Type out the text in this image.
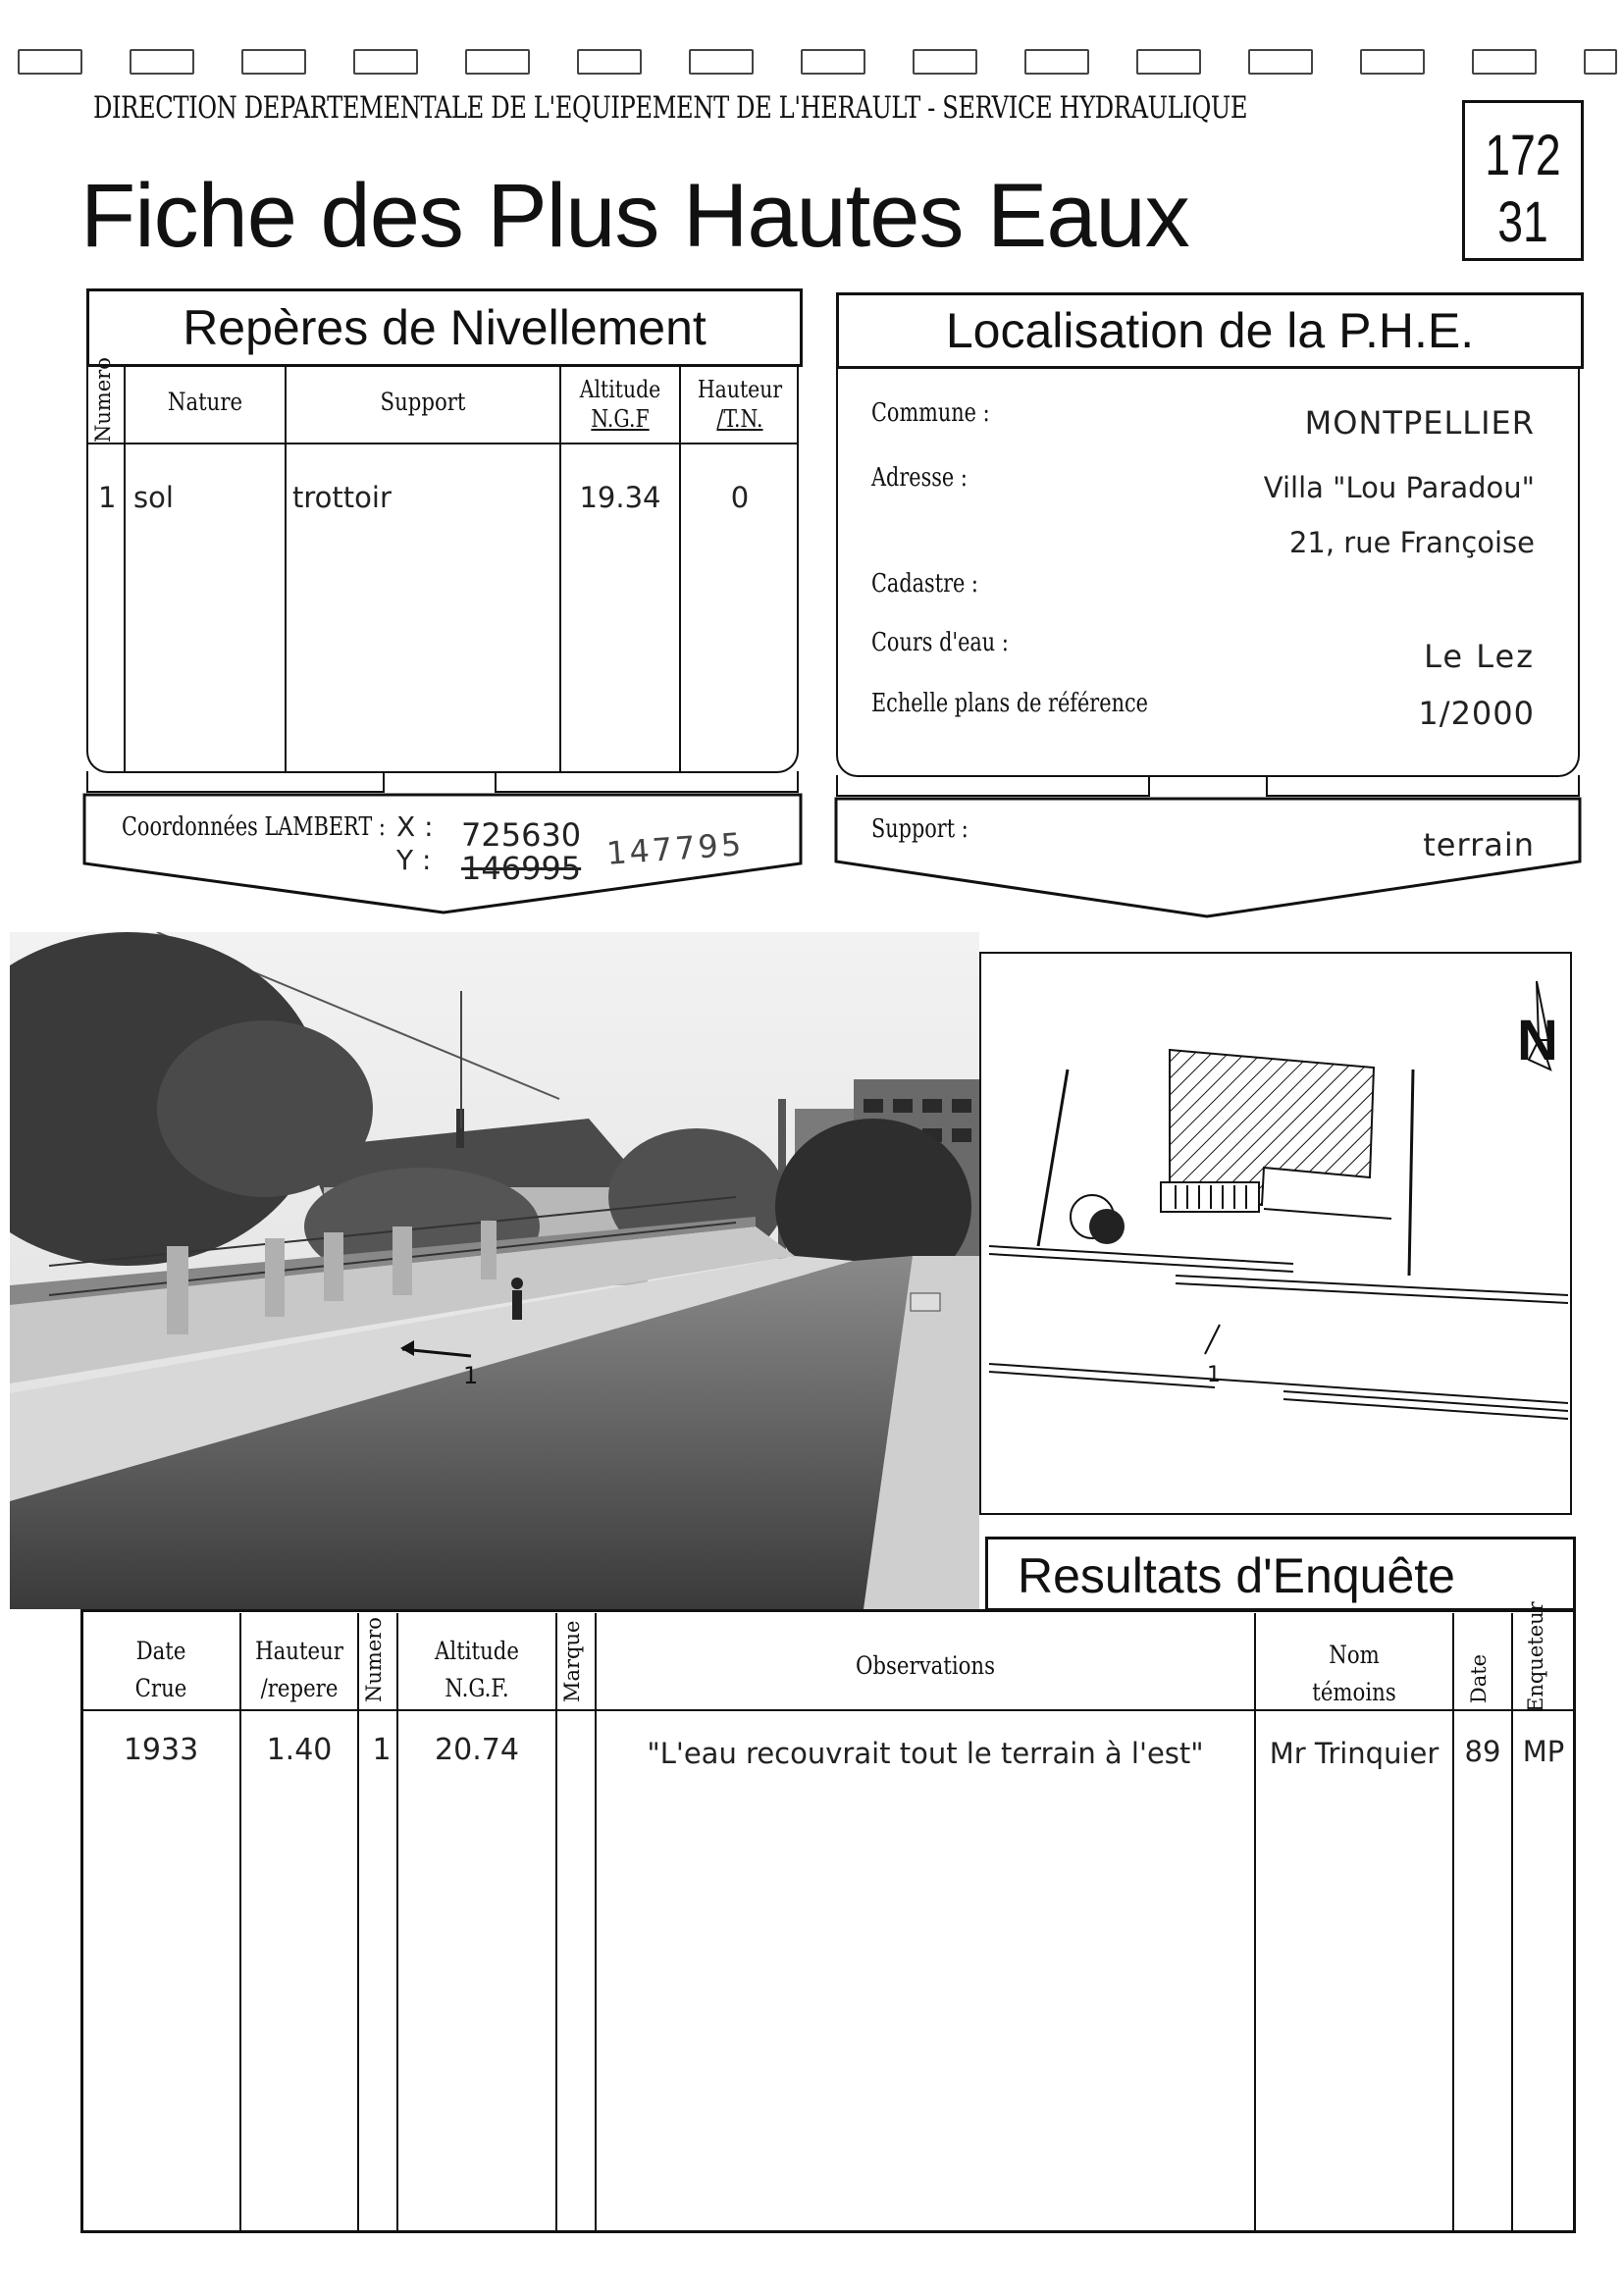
DIRECTION DEPARTEMENTALE DE L'EQUIPEMENT DE L'HERAULT - SERVICE HYDRAULIQUE
Fiche des Plus Hautes Eaux
172
31
Repères de Nivellement
Numero	Nature	Support	Altitude
N.G.F
Hauteur
/T.N.
1 sol	trottoir	19.34	0
Coordonnées LAMBERT : X : 725630
Y : 146995 147795
Localisation de la P.H.E.
Commune :	MONTPELLIER
Adresse :	Villa "Lou Paradou"
21, rue Françoise
Cadastre :
Cours d'eau :	Le Lez
Echelle plans de référence	1/2000
Support :	terrain
1	1
N
Resultats d'Enquête
Date
Crue
Hauteur
/repere	Numero	Altitude
N.G.F.	Marque	Observations	Nom
témoins	Date Enqueteur
1933	1.40	1	20.74	"L'eau recouvrait tout le terrain à l'est"	Mr Trinquier 89 MP
